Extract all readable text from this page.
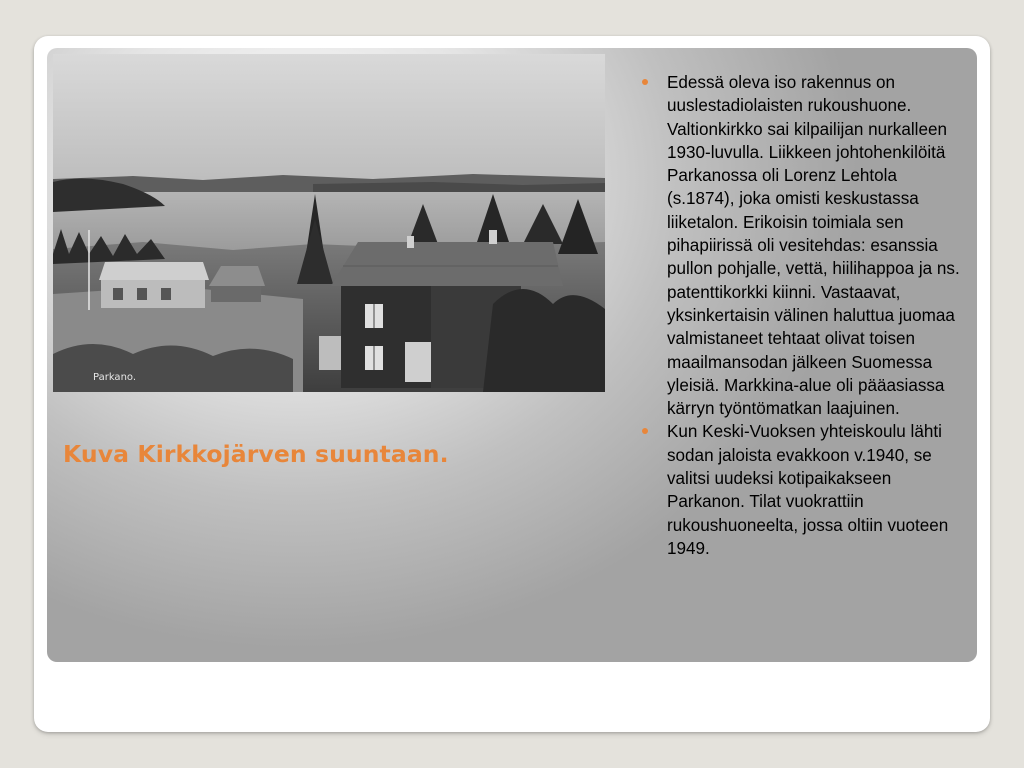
Parkano.
Kuva Kirkkojärven suuntaan.
Edessä oleva iso rakennus on uuslestadiolaisten rukoushuone. Valtionkirkko sai kilpailijan nurkalleen 1930-luvulla. Liikkeen johtohenkilöitä Parkanossa oli Lorenz Lehtola (s.1874), joka omisti keskustassa liiketalon. Erikoisin toimiala sen pihapiirissä oli vesitehdas: esanssia pullon pohjalle, vettä, hiilihappoa ja ns. patenttikorkki kiinni. Vastaavat, yksinkertaisin välinen haluttua juomaa valmistaneet tehtaat olivat toisen maailmansodan jälkeen Suomessa yleisiä. Markkina-alue oli pääasiassa kärryn työntömatkan laajuinen.
Kun Keski-Vuoksen yhteiskoulu lähti sodan jaloista evakkoon v.1940, se valitsi uudeksi kotipaikakseen Parkanon. Tilat vuokrattiin rukoushuoneelta, jossa oltiin vuoteen 1949.
